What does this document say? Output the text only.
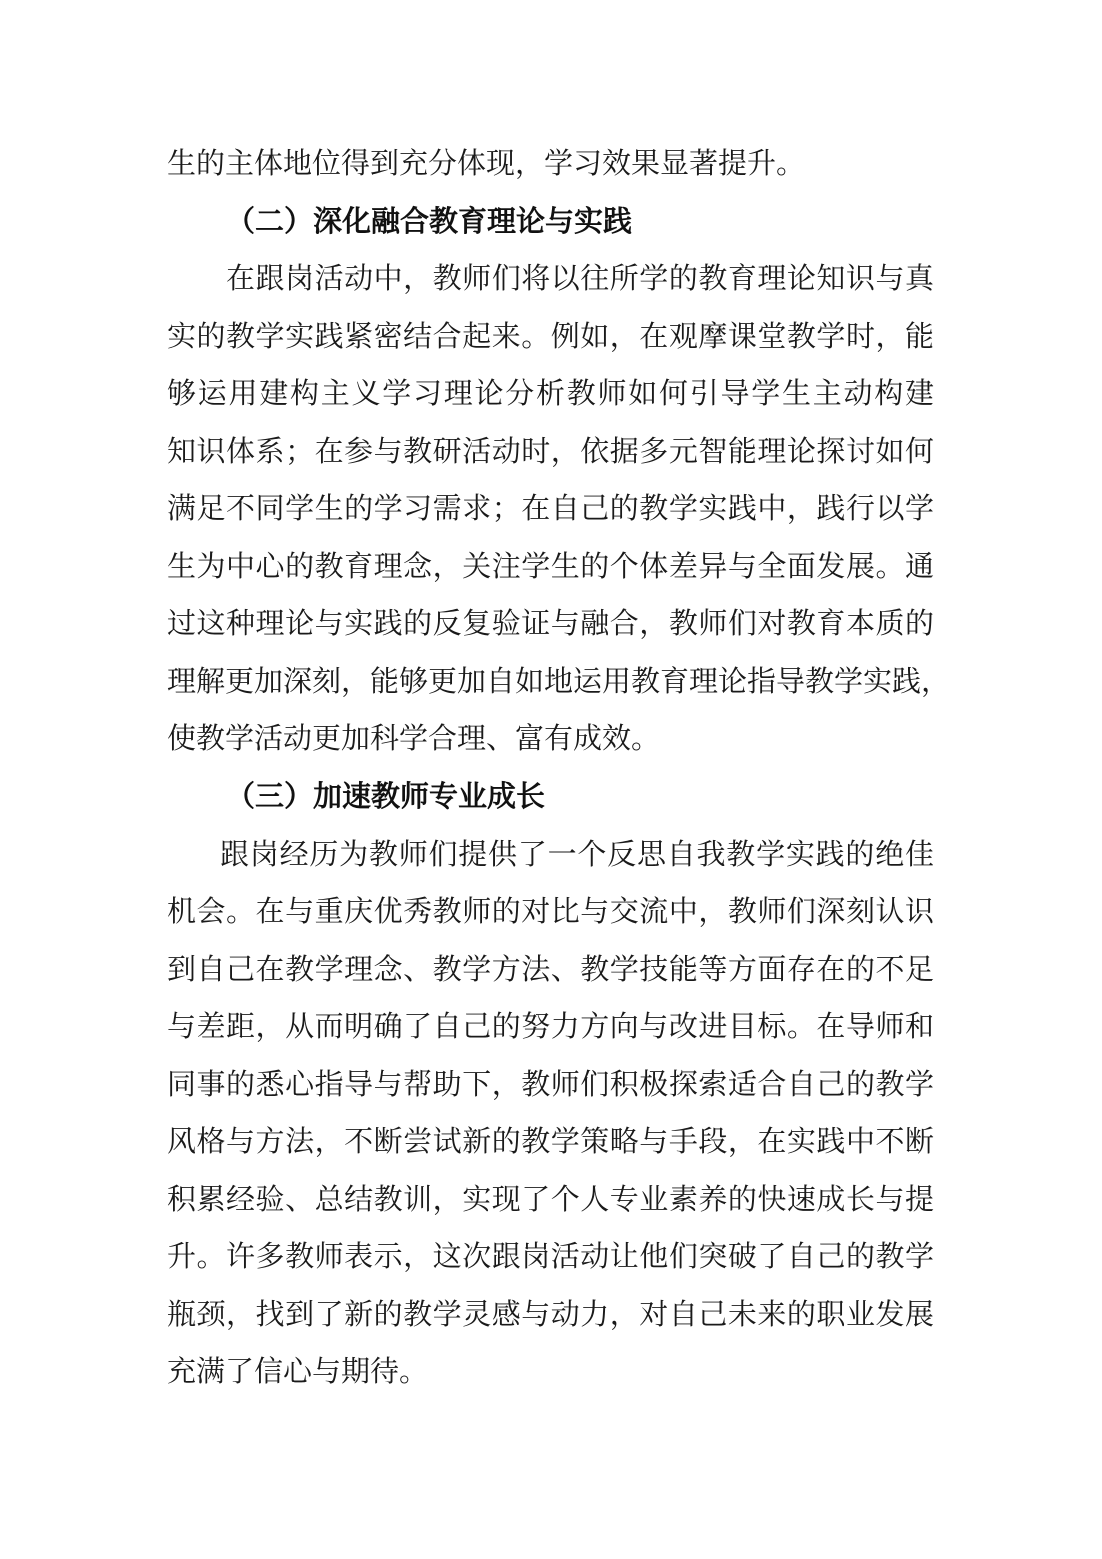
生的主体地位得到充分体现，学习效果显著提升。
（二）深化融合教育理论与实践
在跟岗活动中，教师们将以往所学的教育理论知识与真
实的教学实践紧密结合起来。例如，在观摩课堂教学时，能
够运用建构主义学习理论分析教师如何引导学生主动构建
知识体系；在参与教研活动时，依据多元智能理论探讨如何
满足不同学生的学习需求；在自己的教学实践中，践行以学
生为中心的教育理念，关注学生的个体差异与全面发展。通
过这种理论与实践的反复验证与融合，教师们对教育本质的
理解更加深刻，能够更加自如地运用教育理论指导教学实践，
使教学活动更加科学合理、富有成效。
（三）加速教师专业成长
跟岗经历为教师们提供了一个反思自我教学实践的绝佳
机会。在与重庆优秀教师的对比与交流中，教师们深刻认识
到自己在教学理念、教学方法、教学技能等方面存在的不足
与差距，从而明确了自己的努力方向与改进目标。在导师和
同事的悉心指导与帮助下，教师们积极探索适合自己的教学
风格与方法，不断尝试新的教学策略与手段，在实践中不断
积累经验、总结教训，实现了个人专业素养的快速成长与提
升。许多教师表示，这次跟岗活动让他们突破了自己的教学
瓶颈，找到了新的教学灵感与动力，对自己未来的职业发展
充满了信心与期待。
